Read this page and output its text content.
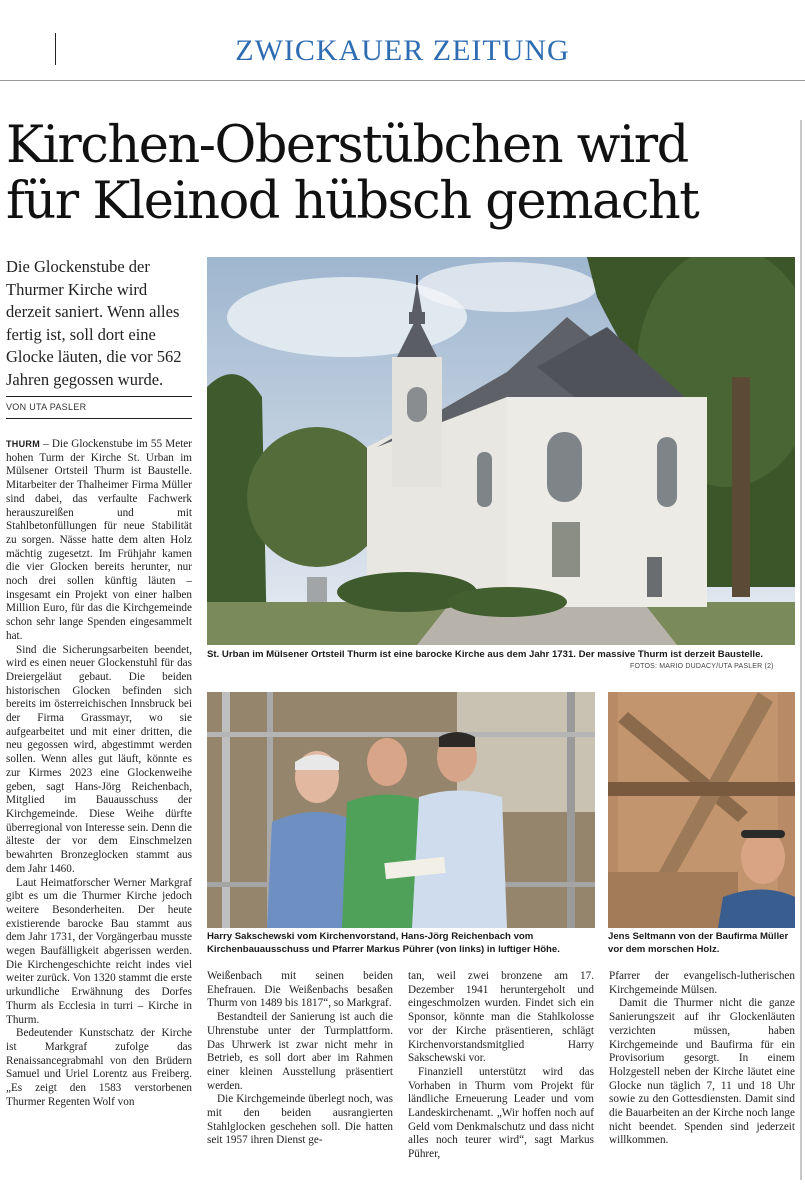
ZWICKAUER ZEITUNG
Kirchen-Oberstübchen wird
für Kleinod hübsch gemacht
Die Glockenstube der Thurmer Kirche wird derzeit saniert. Wenn alles fertig ist, soll dort eine Glocke läuten, die vor 562 Jahren gegossen wurde.
VON UTA PASLER

THURM – Die Glockenstube im 55 Meter hohen Turm der Kirche St. Urban im Mülsener Ortsteil Thurm ist Baustelle. Mitarbeiter der Thalheimer Firma Müller sind dabei, das verfaulte Fachwerk herauszureißen und mit Stahlbetonfüllungen für neue Stabilität zu sorgen. Nässe hatte dem alten Holz mächtig zugesetzt. Im Frühjahr kamen die vier Glocken bereits herunter, nur noch drei sollen künftig läuten – insgesamt ein Projekt von einer halben Million Euro, für das die Kirchgemeinde schon sehr lange Spenden eingesammelt hat.

Sind die Sicherungsarbeiten beendet, wird es einen neuer Glockenstuhl für das Dreiergeläut gebaut. Die beiden historischen Glocken befinden sich bereits im österreichischen Innsbruck bei der Firma Grassmayr, wo sie aufgearbeitet und mit einer dritten, die neu gegossen wird, abgestimmt werden sollen. Wenn alles gut läuft, könnte es zur Kirmes 2023 eine Glockenweihe geben, sagt Hans-Jörg Reichenbach, Mitglied im Bauausschuss der Kirchgemeinde. Diese Weihe dürfte überregional von Interesse sein. Denn die älteste der vor dem Einschmelzen bewahrten Bronzeglocken stammt aus dem Jahr 1460.

Laut Heimatforscher Werner Markgraf gibt es um die Thurmer Kirche jedoch weitere Besonderheiten. Der heute existierende barocke Bau stammt aus dem Jahr 1731, der Vorgängerbau musste wegen Baufälligkeit abgerissen werden. Die Kirchengeschichte reicht indes viel weiter zurück. Von 1320 stammt die erste urkundliche Erwähnung des Dorfes Thurm als Ecclesia in turri – Kirche in Thurm.

Bedeutender Kunstschatz der Kirche ist Markgraf zufolge das Renaissancegrabmahl von den Brüdern Samuel und Uriel Lorentz aus Freiberg. „Es zeigt den 1583 verstorbenen Thurmer Regenten Wolf von

St. Urban im Mülsener Ortsteil Thurm ist eine barocke Kirche aus dem Jahr 1731. Der massive Thurm ist derzeit Baustelle.
FOTOS: MARIO DUDACY/UTA PASLER (2)
Harry Sakschewski vom Kirchenvorstand, Hans-Jörg Reichenbach vom Kirchenbauausschuss und Pfarrer Markus Pührer (von links) in luftiger Höhe.
Jens Seltmann von der Baufirma Müller vor dem morschen Holz.

Weißenbach mit seinen beiden Ehefrauen. Die Weißenbachs besaßen Thurm von 1489 bis 1817“, so Markgraf.

Bestandteil der Sanierung ist auch die Uhrenstube unter der Turmplattform. Das Uhrwerk ist zwar nicht mehr in Betrieb, es soll dort aber im Rahmen einer kleinen Ausstellung präsentiert werden.

Die Kirchgemeinde überlegt noch, was mit den beiden ausrangierten Stahlglocken geschehen soll. Die hatten seit 1957 ihren Dienst ge-

tan, weil zwei bronzene am 17. Dezember 1941 heruntergeholt und eingeschmolzen wurden. Findet sich ein Sponsor, könnte man die Stahlkolosse vor der Kirche präsentieren, schlägt Kirchenvorstandsmitglied Harry Sakschewski vor.

Finanziell unterstützt wird das Vorhaben in Thurm vom Projekt für ländliche Erneuerung Leader und vom Landeskirchenamt. „Wir hoffen noch auf Geld vom Denkmalschutz und dass nicht alles noch teurer wird“, sagt Markus Pührer,

Pfarrer der evangelisch-lutherischen Kirchgemeinde Mülsen.

Damit die Thurmer nicht die ganze Sanierungszeit auf ihr Glockenläuten verzichten müssen, haben Kirchgemeinde und Baufirma für ein Provisorium gesorgt. In einem Holzgestell neben der Kirche läutet eine Glocke nun täglich 7, 11 und 18 Uhr sowie zu den Gottesdiensten. Damit sind die Bauarbeiten an der Kirche noch lange nicht beendet. Spenden sind jederzeit willkommen.
